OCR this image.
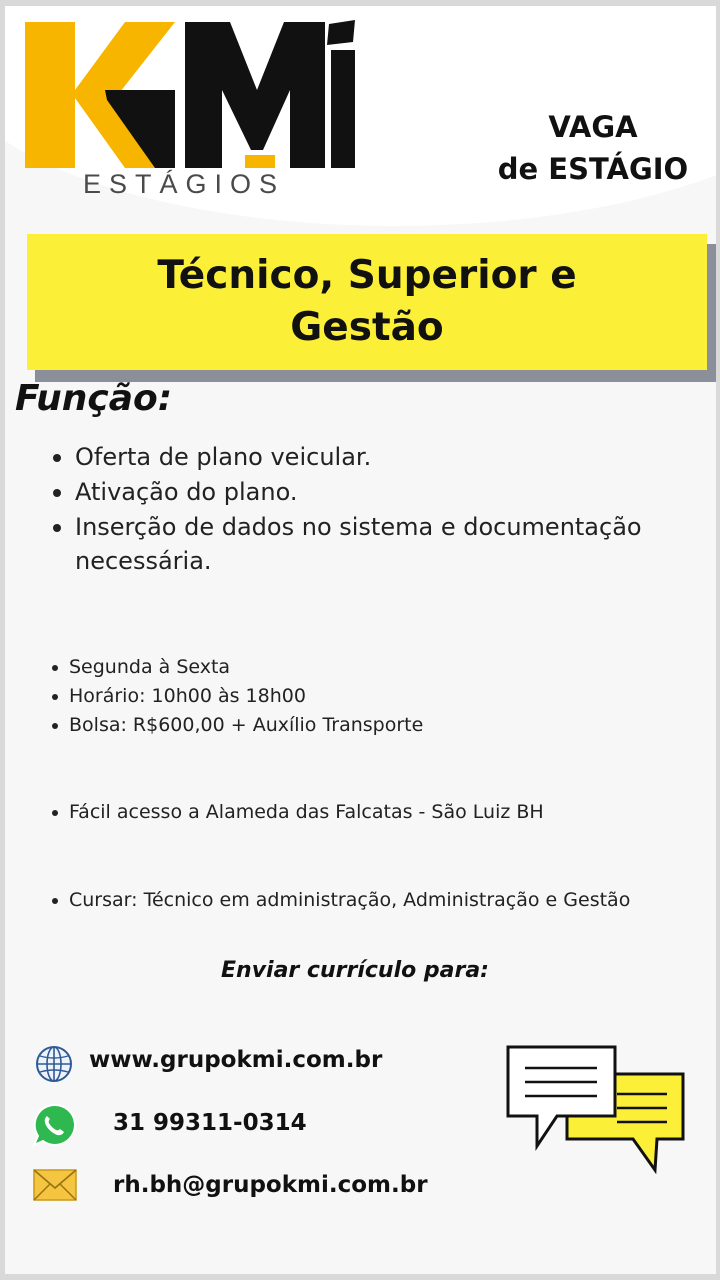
ESTÁGIOS
VAGA
de ESTÁGIO
Técnico, Superior e Gestão
Função:
Oferta de plano veicular.
Ativação do plano.
Inserção de dados no sistema e documentação necessária.
Segunda à Sexta
Horário: 10h00 às 18h00
Bolsa: R$600,00 + Auxílio Transporte
Fácil acesso a Alameda das Falcatas - São Luiz BH
Cursar: Técnico em administração, Administração e Gestão
Enviar currículo para:
www.grupokmi.com.br
31 99311-0314
rh.bh@grupokmi.com.br
